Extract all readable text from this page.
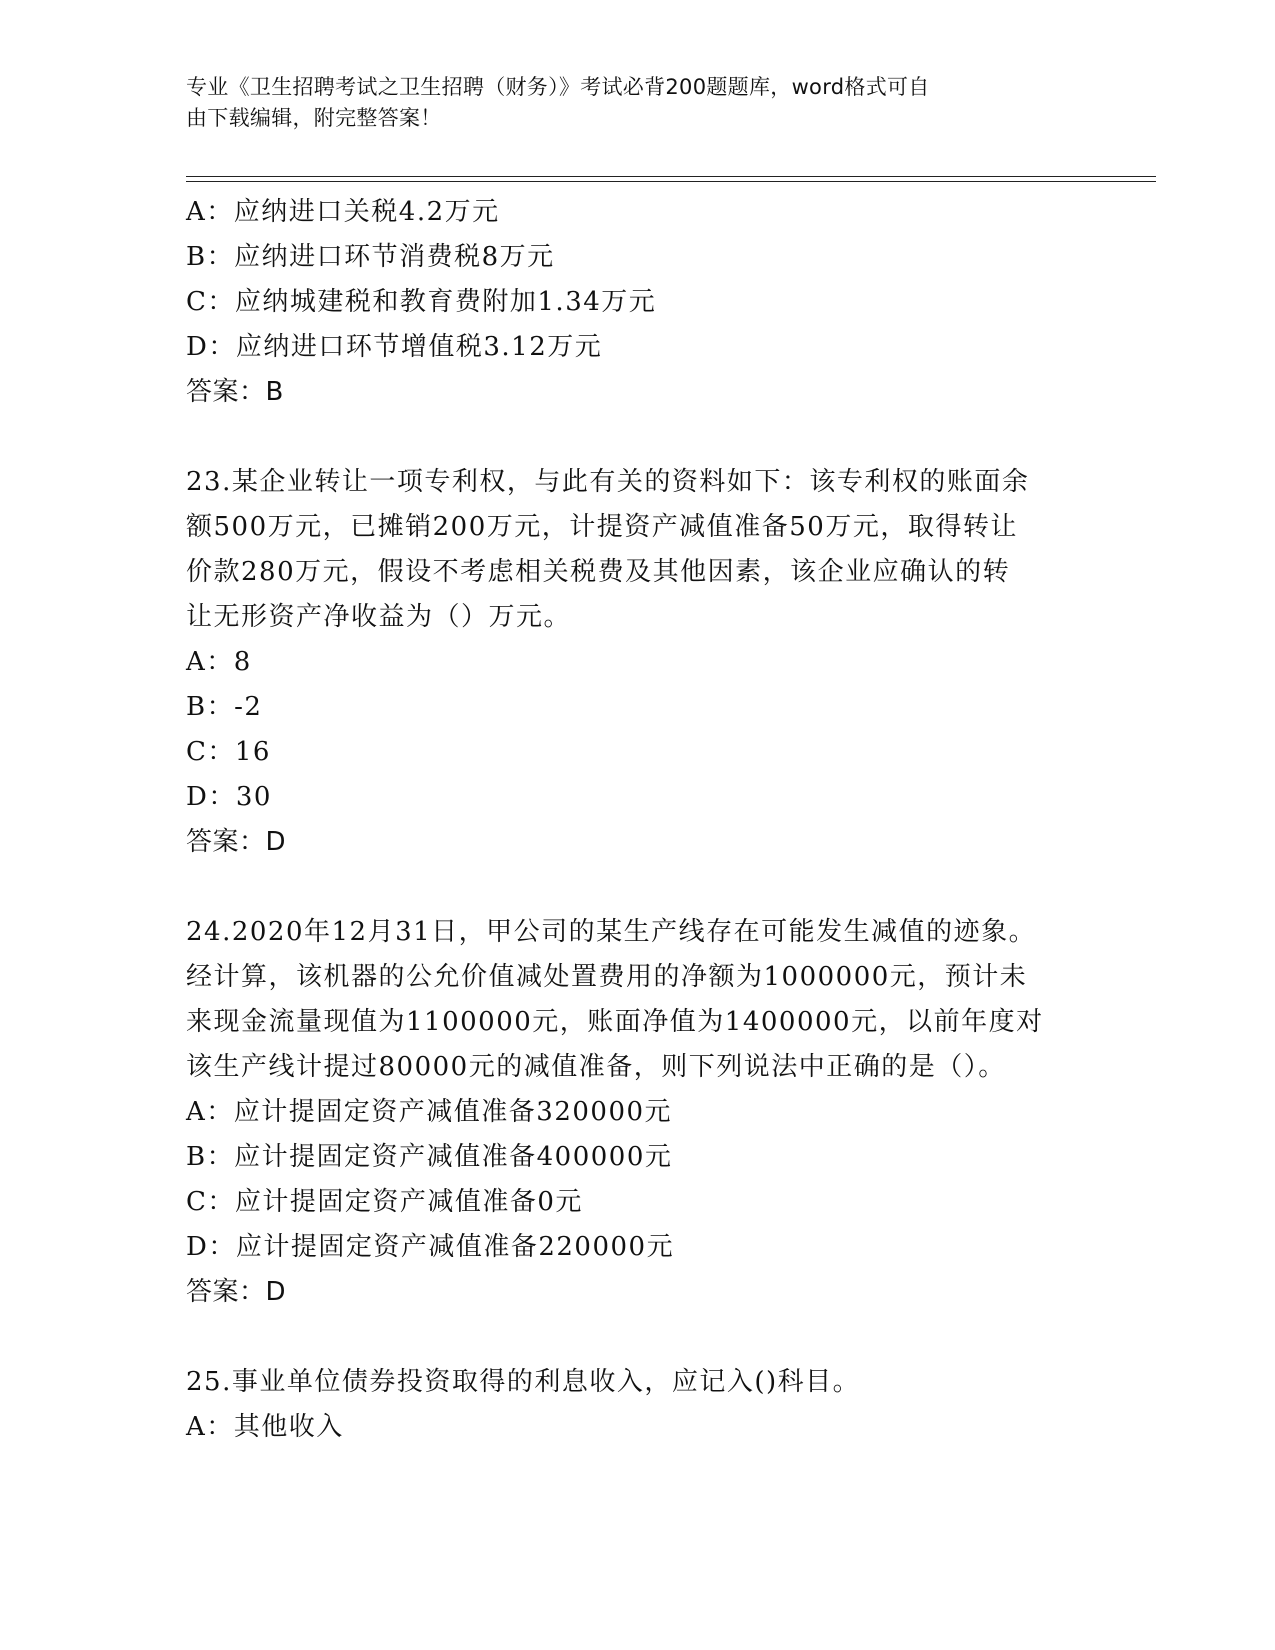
专业《卫生招聘考试之卫生招聘（财务）》考试必背200题题库，word格式可自
由下载编辑，附完整答案！
A：应纳进口关税4.2万元
B：应纳进口环节消费税8万元
C：应纳城建税和教育费附加1.34万元
D：应纳进口环节增值税3.12万元
答案：B
23.某企业转让一项专利权，与此有关的资料如下：该专利权的账面余
额500万元，已摊销200万元，计提资产减值准备50万元，取得转让
价款280万元，假设不考虑相关税费及其他因素，该企业应确认的转
让无形资产净收益为（）万元。
A：8
B：-2
C：16
D：30
答案：D
24.2020年12月31日，甲公司的某生产线存在可能发生减值的迹象。
经计算，该机器的公允价值减处置费用的净额为1000000元，预计未
来现金流量现值为1100000元，账面净值为1400000元，以前年度对
该生产线计提过80000元的减值准备，则下列说法中正确的是（）。
A：应计提固定资产减值准备320000元
B：应计提固定资产减值准备400000元
C：应计提固定资产减值准备0元
D：应计提固定资产减值准备220000元
答案：D
25.事业单位债券投资取得的利息收入，应记入()科目。
A：其他收入
